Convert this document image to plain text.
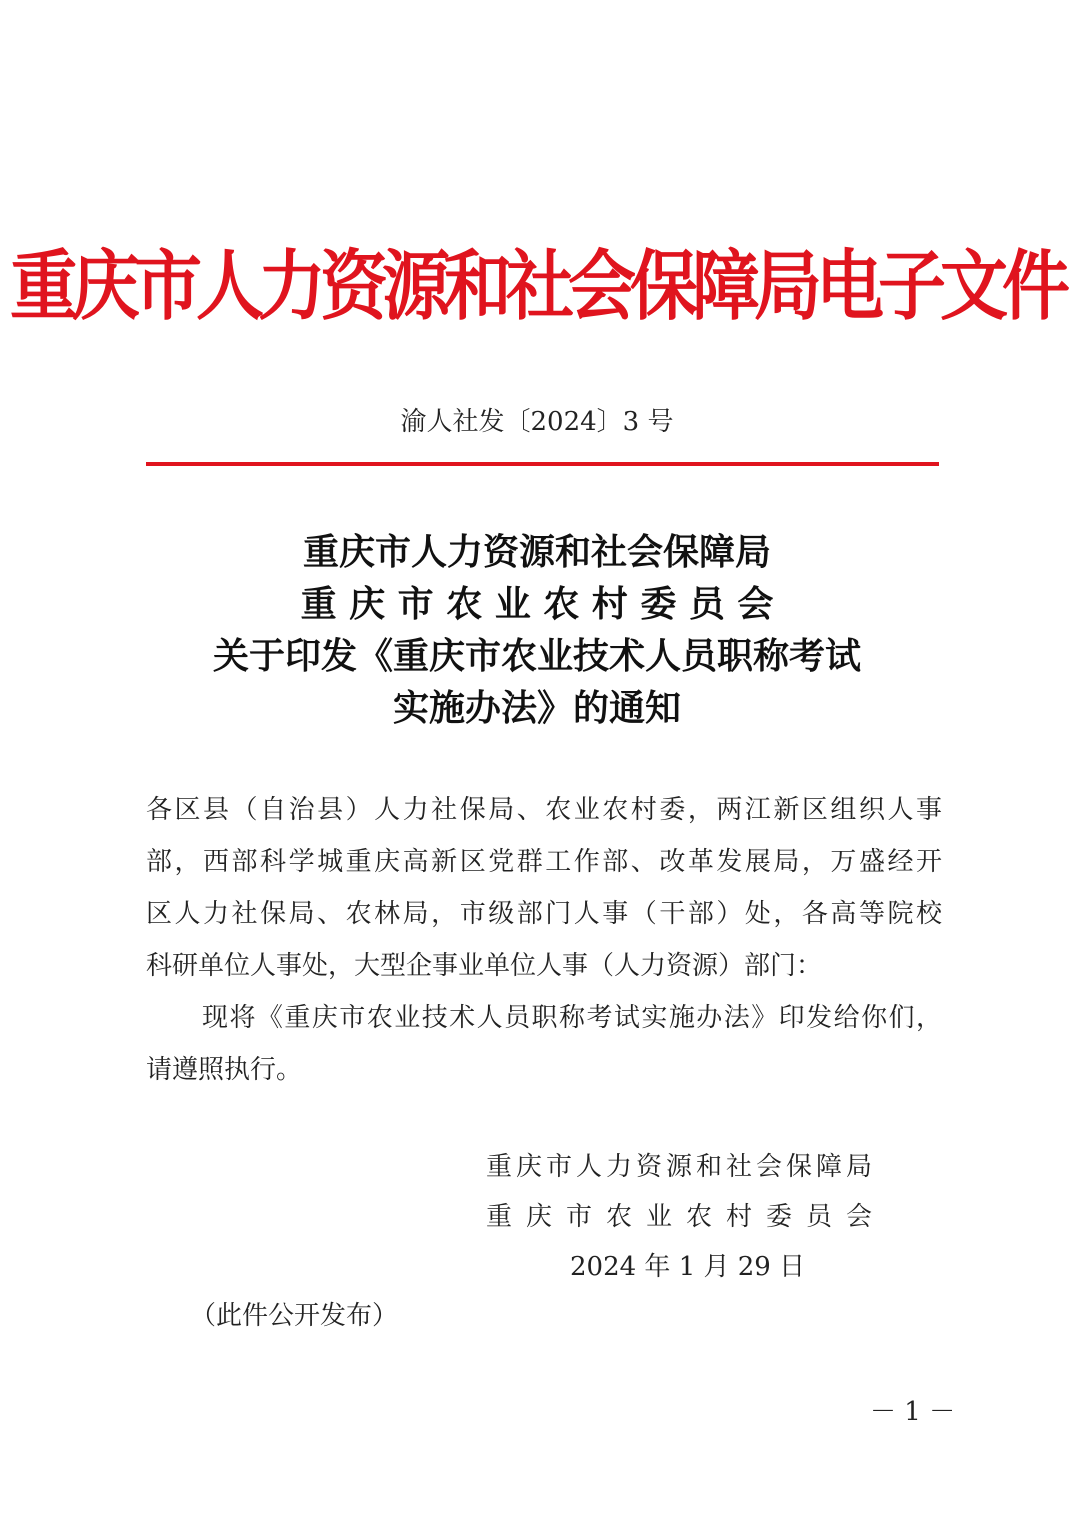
重庆市人力资源和社会保障局电子文件
渝人社发〔2024〕3 号
重庆市人力资源和社会保障局
重 庆 市 农 业 农 村 委 员 会
关于印发《重庆市农业技术人员职称考试
实施办法》的通知
各区县（自治县）人力社保局、农业农村委，两江新区组织人事
部，西部科学城重庆高新区党群工作部、改革发展局，万盛经开
区人力社保局、农林局，市级部门人事（干部）处，各高等院校
科研单位人事处，大型企事业单位人事（人力资源）部门：
现将《重庆市农业技术人员职称考试实施办法》印发给你们，
请遵照执行。
重庆市人力资源和社会保障局
重 庆 市 农 业 农 村 委 员 会
2024 年 1 月 29 日
（此件公开发布）
－ 1 －
